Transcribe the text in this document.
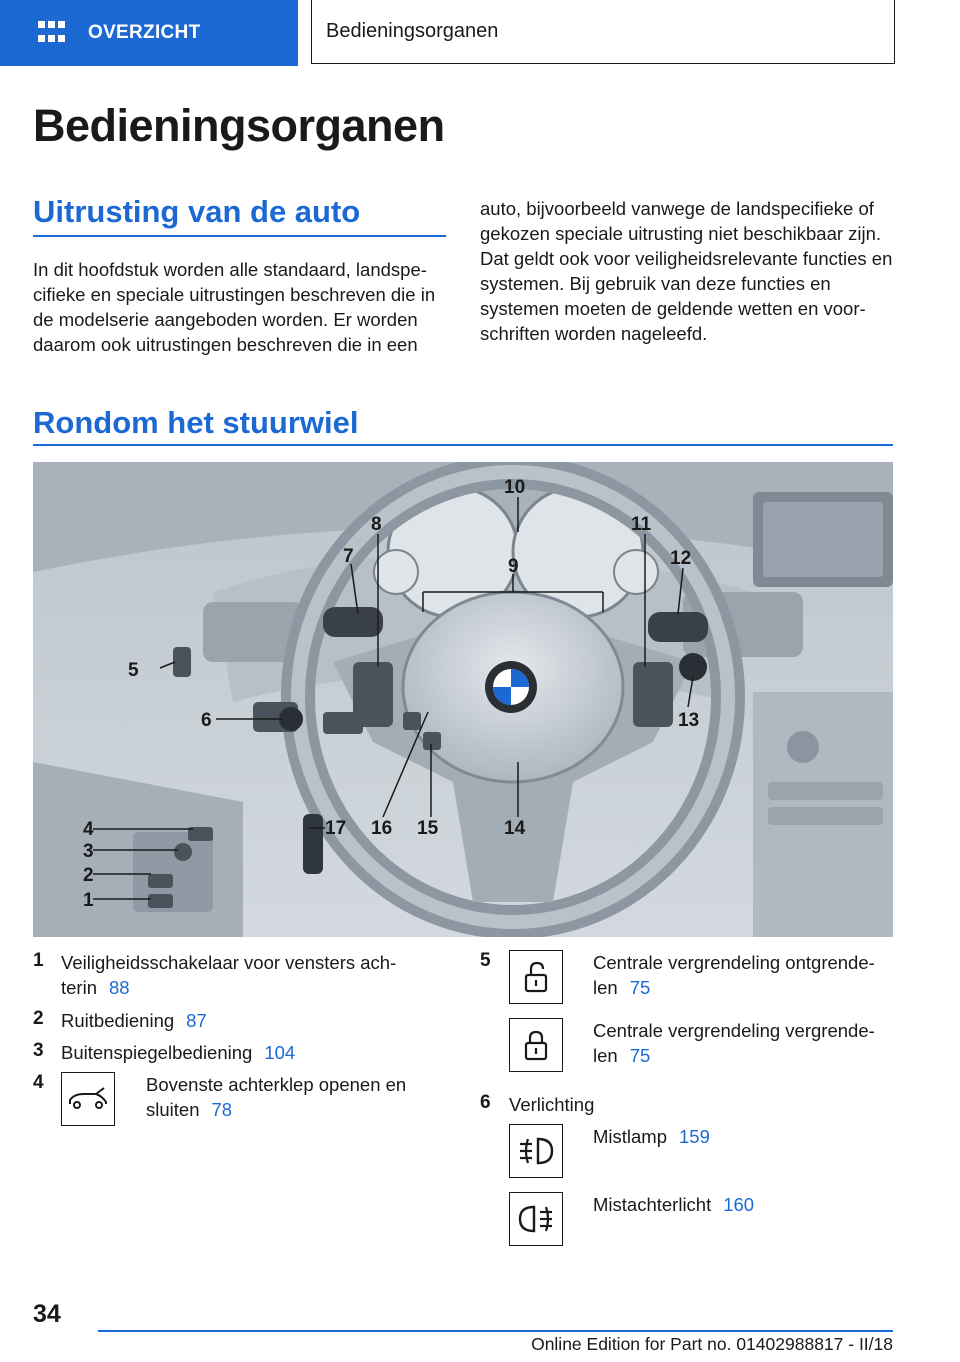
OVERZICHT	Bedieningsorganen
Bedieningsorganen
Uitrusting van de auto

In dit hoofdstuk worden alle standaard, landspe-cifieke en speciale uitrustingen beschreven die in de modelserie aangeboden worden. Er worden daarom ook uitrustingen beschreven die in een

auto, bijvoorbeeld vanwege de landspecifieke of gekozen speciale uitrusting niet beschikbaar zijn. Dat geldt ook voor veiligheidsrelevante functies en systemen. Bij gebruik van deze functies en systemen moeten de geldende wetten en voor-schriften worden nageleefd.

Rondom het stuurwiel
10
8
7	9
11
12
13
5
6
14
15
16
17
4
3
2
1
1 Veiligheidsschakelaar voor vensters ach-terin 88
2 Ruitbediening 87
3 Buitenspiegelbediening 104
4	Bovenste achterklep openen en sluiten 78
5	Centrale vergrendeling ontgrende-len 75
Centrale vergrendeling vergrende-len 75
6 Verlichting
Mistlamp 159
Mistachterlicht 160
34
Online Edition for Part no. 01402988817 - II/18
